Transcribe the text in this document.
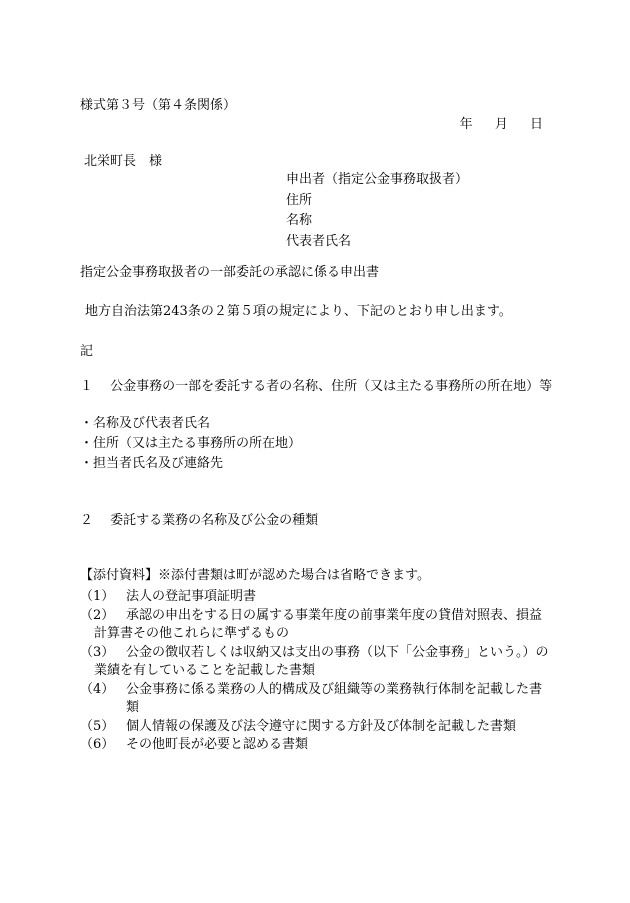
様式第３号（第４条関係）
年 月 日
北栄町長　様
申出者（指定公金事務取扱者）
住所
名称
代表者氏名
指定公金事務取扱者の一部委託の承認に係る申出書
地方自治法第243条の２第５項の規定により、下記のとおり申し出ます。
記
１　 公金事務の一部を委託する者の名称、住所（又は主たる事務所の所在地）等
・名称及び代表者氏名
・住所（又は主たる事務所の所在地）
・担当者氏名及び連絡先
２　 委託する業務の名称及び公金の種類
【添付資料】※添付書類は町が認めた場合は省略できます。
（1） 法人の登記事項証明書
（2） 承認の申出をする日の属する事業年度の前事業年度の貸借対照表、損益計算書その他これらに準ずるもの
（3） 公金の徴収若しくは収納又は支出の事務（以下「公金事務」という。）の業績を有していることを記載した書類
（4） 公金事務に係る業務の人的構成及び組織等の業務執行体制を記載した書類
（5） 個人情報の保護及び法令遵守に関する方針及び体制を記載した書類
（6） その他町長が必要と認める書類
